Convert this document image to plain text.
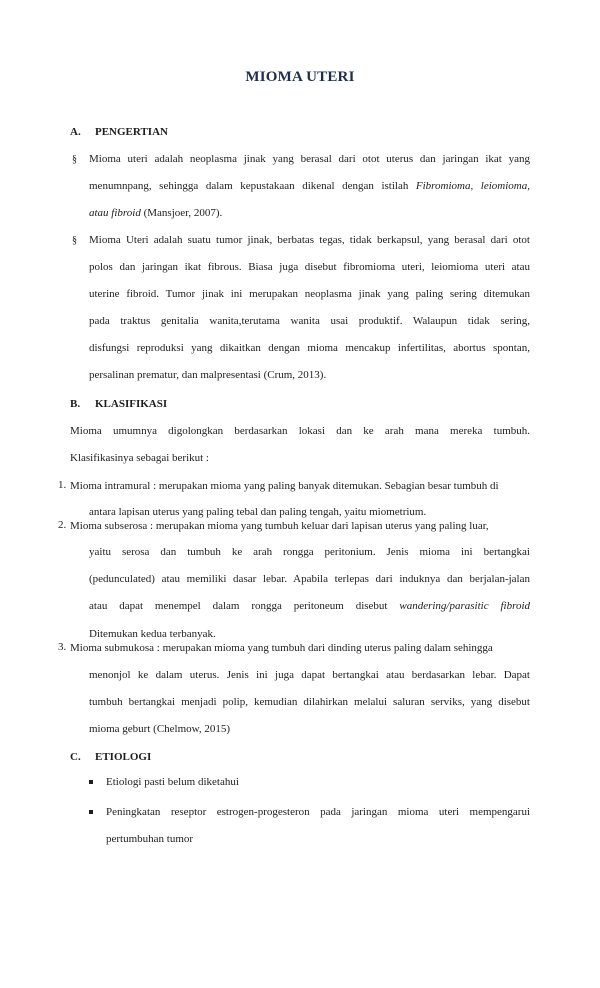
MIOMA UTERI
A. PENGERTIAN
§ Mioma uteri adalah neoplasma jinak yang berasal dari otot uterus dan jaringan ikat yang
menumnpang, sehingga dalam kepustakaan dikenal dengan istilah Fibromioma, leiomioma,
atau fibroid (Mansjoer, 2007).
§ Mioma Uteri adalah suatu tumor jinak, berbatas tegas, tidak berkapsul, yang berasal dari otot
polos dan jaringan ikat fibrous. Biasa juga disebut fibromioma uteri, leiomioma uteri atau
uterine fibroid. Tumor jinak ini merupakan neoplasma jinak yang paling sering ditemukan
pada traktus genitalia wanita,terutama wanita usai produktif. Walaupun tidak sering,
disfungsi reproduksi yang dikaitkan dengan mioma mencakup infertilitas, abortus spontan,
persalinan prematur, dan malpresentasi (Crum, 2013).
B. KLASIFIKASI
Mioma umumnya digolongkan berdasarkan lokasi dan ke arah mana mereka tumbuh.
Klasifikasinya sebagai berikut :
1. Mioma intramural : merupakan mioma yang paling banyak ditemukan. Sebagian besar tumbuh di
antara lapisan uterus yang paling tebal dan paling tengah, yaitu miometrium.
2. Mioma subserosa : merupakan mioma yang tumbuh keluar dari lapisan uterus yang paling luar,
yaitu serosa dan tumbuh ke arah rongga peritonium. Jenis mioma ini bertangkai
(pedunculated) atau memiliki dasar lebar. Apabila terlepas dari induknya dan berjalan-jalan
atau dapat menempel dalam rongga peritoneum disebut wandering/parasitic fibroid
Ditemukan kedua terbanyak.
3. Mioma submukosa : merupakan mioma yang tumbuh dari dinding uterus paling dalam sehingga
menonjol ke dalam uterus. Jenis ini juga dapat bertangkai atau berdasarkan lebar. Dapat
tumbuh bertangkai menjadi polip, kemudian dilahirkan melalui saluran serviks, yang disebut
mioma geburt (Chelmow, 2015)
C. ETIOLOGI
Etiologi pasti belum diketahui
Peningkatan reseptor estrogen-progesteron pada jaringan mioma uteri mempengarui
pertumbuhan tumor
